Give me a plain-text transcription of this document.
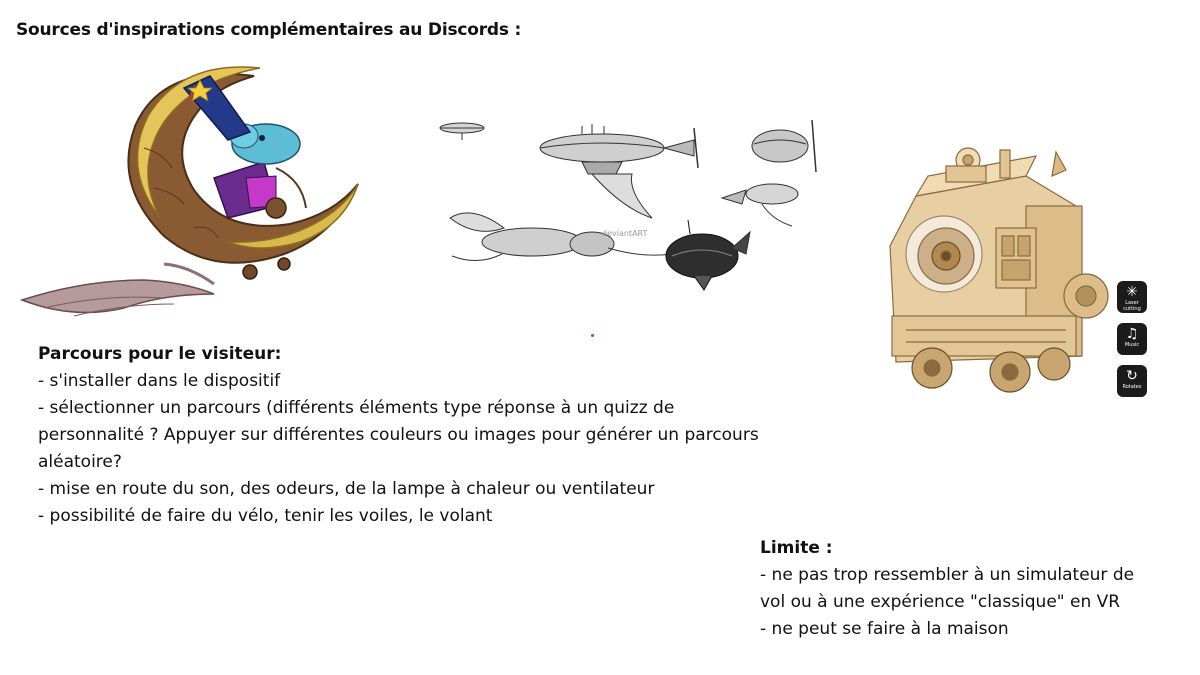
Sources d'inspirations complémentaires au Discords :
deviantART
✳
Laser cutting
♫
Music
↻
Rotates
Parcours pour le visiteur:
- s'installer dans le dispositif
- sélectionner un parcours (différents éléments type réponse à un quizz de
personnalité ? Appuyer sur différentes couleurs ou images pour générer un parcours
aléatoire?
- mise en route du son, des odeurs, de la lampe à chaleur ou ventilateur
- possibilité de faire du vélo, tenir les voiles, le volant
Limite :
- ne pas trop ressembler à un simulateur de
vol ou à une expérience "classique" en VR
- ne peut se faire à la maison
